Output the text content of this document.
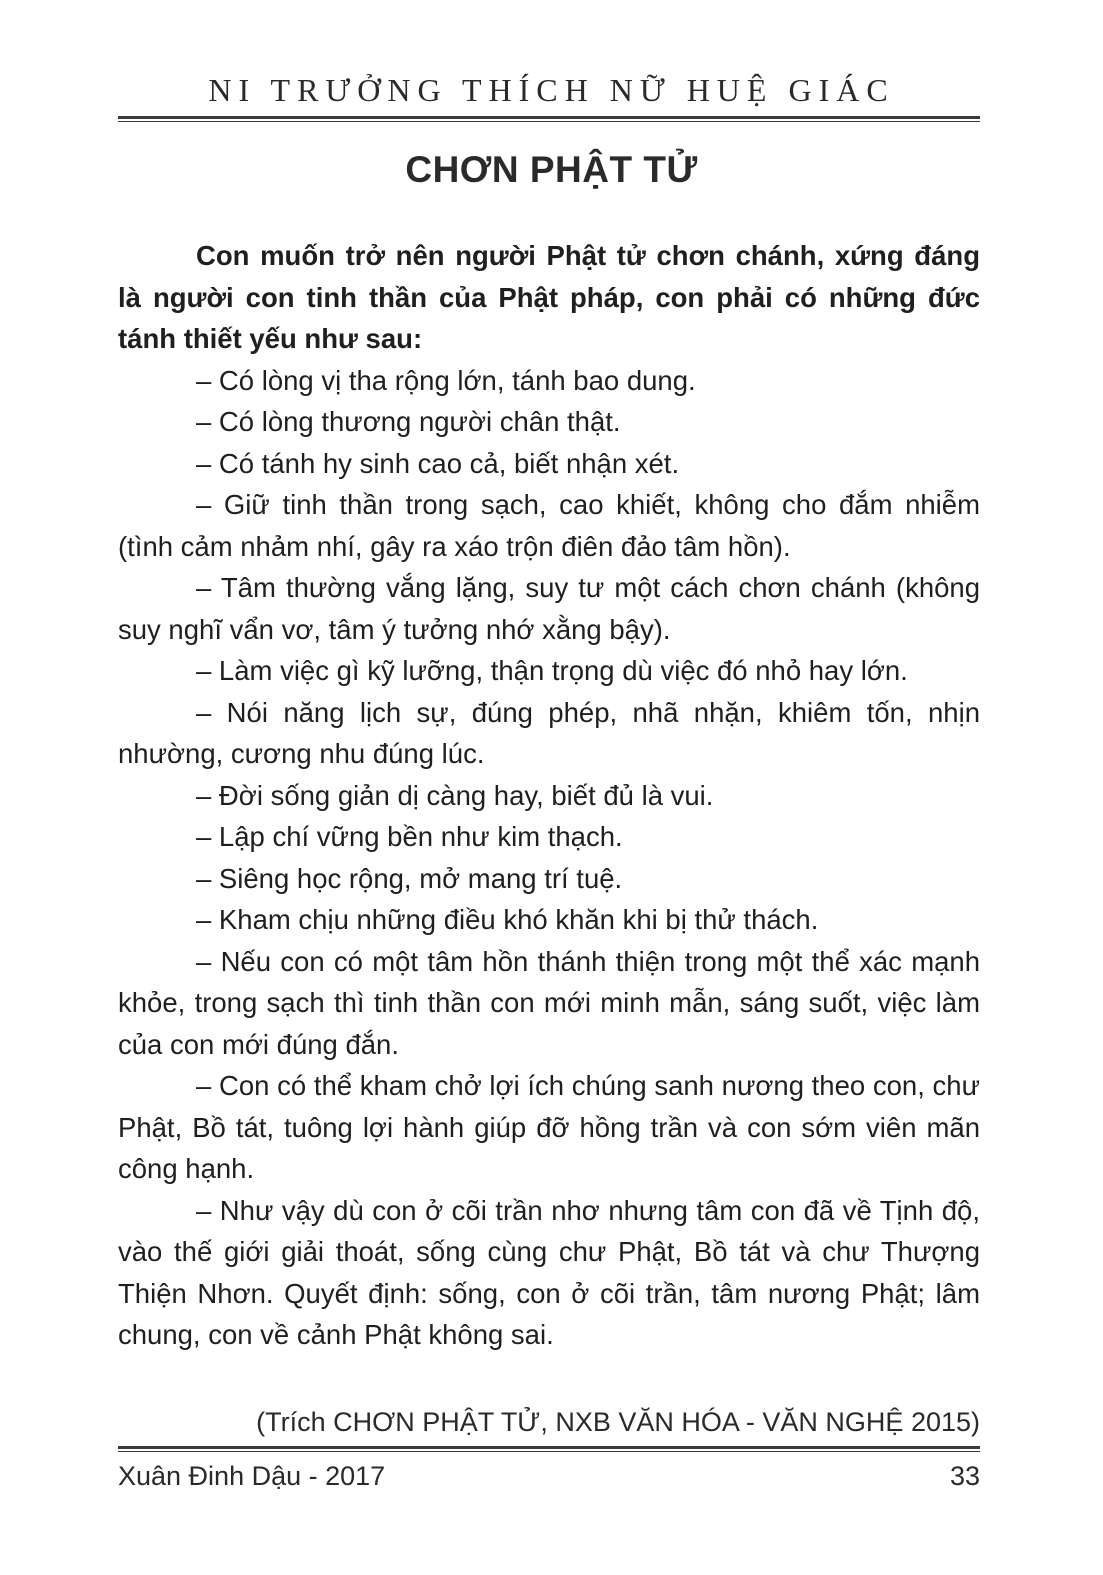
NI TRƯỞNG THÍCH NỮ HUỆ GIÁC
CHƠN PHẬT TỬ

Con muốn trở nên người Phật tử chơn chánh, xứng đáng là người con tinh thần của Phật pháp, con phải có những đức tánh thiết yếu như sau:

– Có lòng vị tha rộng lớn, tánh bao dung.

– Có lòng thương người chân thật.

– Có tánh hy sinh cao cả, biết nhận xét.

– Giữ tinh thần trong sạch, cao khiết, không cho đắm nhiễm (tình cảm nhảm nhí, gây ra xáo trộn điên đảo tâm hồn).

– Tâm thường vắng lặng, suy tư một cách chơn chánh (không suy nghĩ vẩn vơ, tâm ý tưởng nhớ xằng bậy).

– Làm việc gì kỹ lưỡng, thận trọng dù việc đó nhỏ hay lớn.

– Nói năng lịch sự, đúng phép, nhã nhặn, khiêm tốn, nhịn nhường, cương nhu đúng lúc.

– Đời sống giản dị càng hay, biết đủ là vui.

– Lập chí vững bền như kim thạch.

– Siêng học rộng, mở mang trí tuệ.

– Kham chịu những điều khó khăn khi bị thử thách.

– Nếu con có một tâm hồn thánh thiện trong một thể xác mạnh khỏe, trong sạch thì tinh thần con mới minh mẫn, sáng suốt, việc làm của con mới đúng đắn.

– Con có thể kham chở lợi ích chúng sanh nương theo con, chư Phật, Bồ tát, tuông lợi hành giúp đỡ hồng trần và con sớm viên mãn công hạnh.

– Như vậy dù con ở cõi trần nhơ nhưng tâm con đã về Tịnh độ, vào thế giới giải thoát, sống cùng chư Phật, Bồ tát và chư Thượng Thiện Nhơn. Quyết định: sống, con ở cõi trần, tâm nương Phật; lâm chung, con về cảnh Phật không sai.

(Trích CHƠN PHẬT TỬ, NXB VĂN HÓA - VĂN NGHỆ 2015)
Xuân Đinh Dậu - 2017	33
